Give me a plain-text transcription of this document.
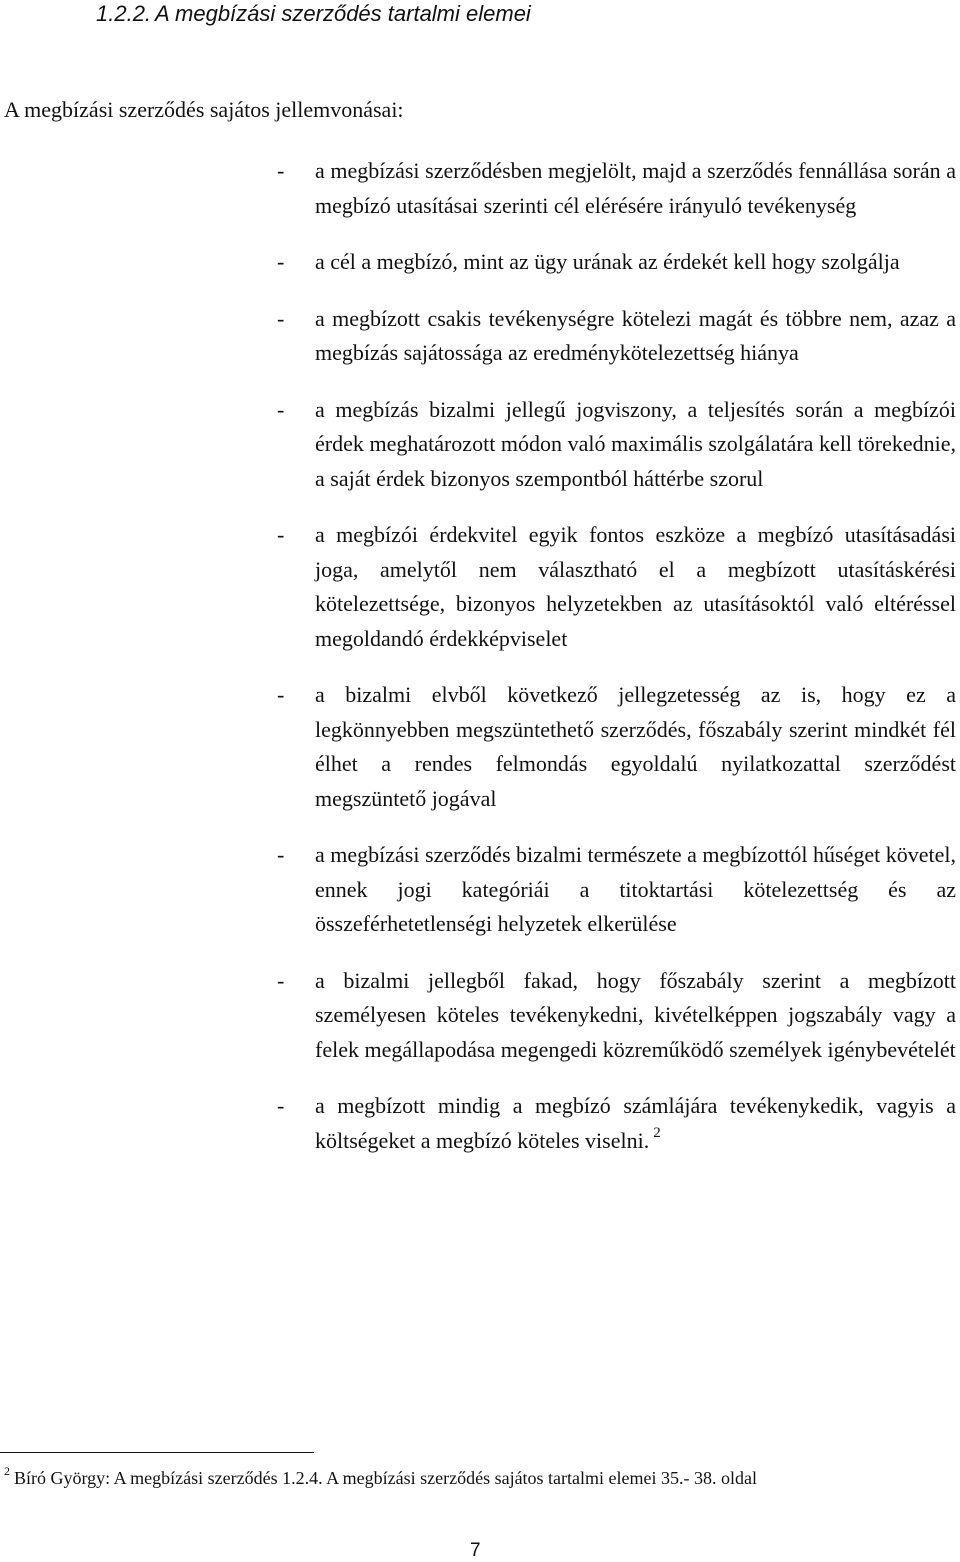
1.2.2. A megbízási szerződés tartalmi elemei
A megbízási szerződés sajátos jellemvonásai:
- a megbízási szerződésben megjelölt, majd a szerződés fennállása során a megbízó utasításai szerinti cél elérésére irányuló tevékenység
- a cél a megbízó, mint az ügy urának az érdekét kell hogy szolgálja
- a megbízott csakis tevékenységre kötelezi magát és többre nem, azaz a megbízás sajátossága az eredménykötelezettség hiánya
- a megbízás bizalmi jellegű jogviszony, a teljesítés során a megbízói érdek meghatározott módon való maximális szolgálatára kell törekednie, a saját érdek bizonyos szempontból háttérbe szorul
- a megbízói érdekvitel egyik fontos eszköze a megbízó utasításadási joga, amelytől nem választható el a megbízott utasításkérési kötelezettsége, bizonyos helyzetekben az utasításoktól való eltéréssel megoldandó érdekképviselet
- a bizalmi elvből következő jellegzetesség az is, hogy ez a legkönnyebben megszüntethető szerződés, főszabály szerint mindkét fél élhet a rendes felmondás egyoldalú nyilatkozattal szerződést megszüntető jogával
- a megbízási szerződés bizalmi természete a megbízottól hűséget követel, ennek jogi kategóriái a titoktartási kötelezettség és az összeférhetetlenségi helyzetek elkerülése
- a bizalmi jellegből fakad, hogy főszabály szerint a megbízott személyesen köteles tevékenykedni, kivételképpen jogszabály vagy a felek megállapodása megengedi közreműködő személyek igénybevételét
- a megbízott mindig a megbízó számlájára tevékenykedik, vagyis a költségeket a megbízó köteles viselni. $^2$
$^2$ Bíró György: A megbízási szerződés 1.2.4. A megbízási szerződés sajátos tartalmi elemei 35.- 38. oldal
7
